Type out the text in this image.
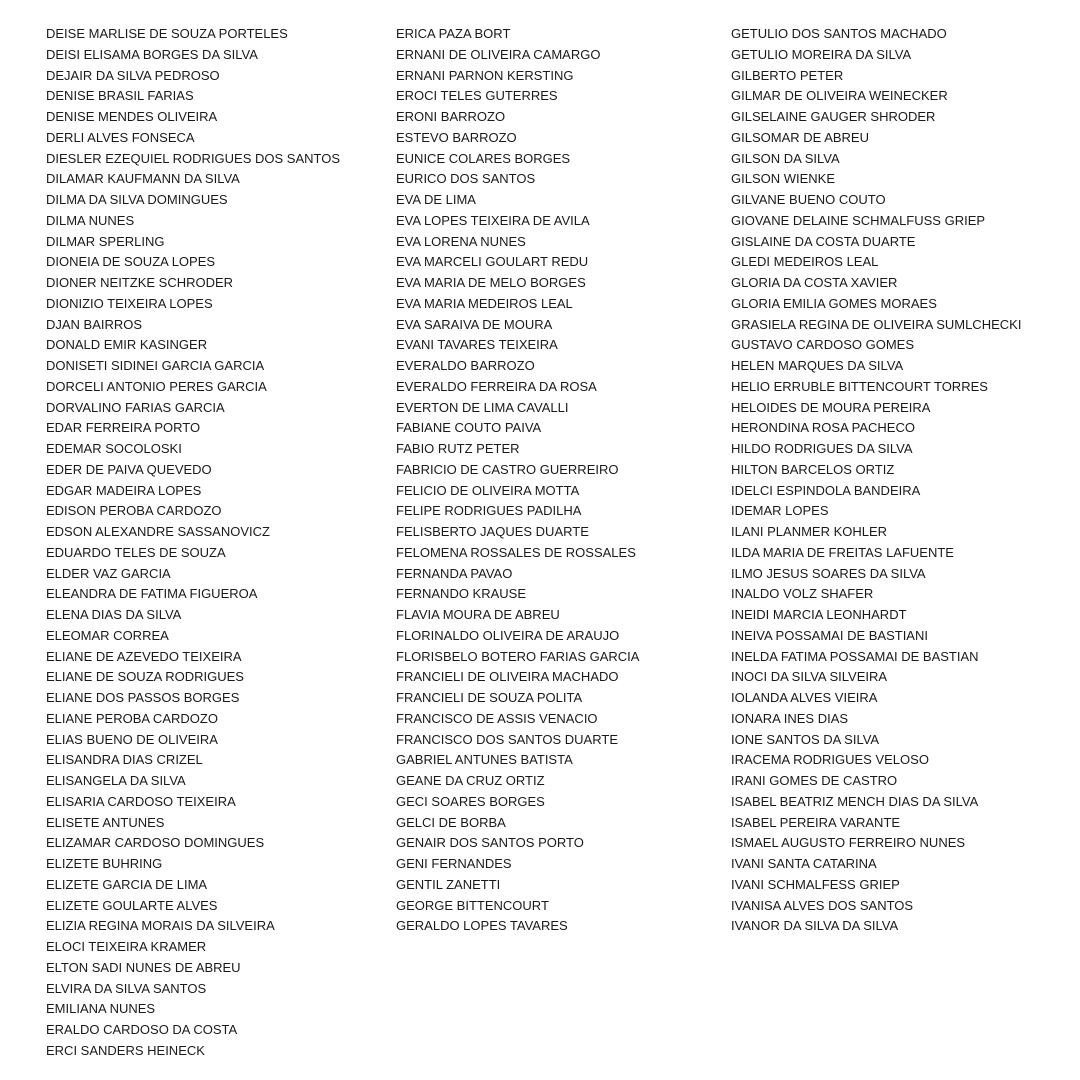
DEISE MARLISE DE SOUZA PORTELES
DEISI ELISAMA BORGES DA SILVA
DEJAIR DA SILVA PEDROSO
DENISE BRASIL FARIAS
DENISE MENDES OLIVEIRA
DERLI ALVES FONSECA
DIESLER EZEQUIEL RODRIGUES DOS SANTOS
DILAMAR KAUFMANN DA SILVA
DILMA DA SILVA DOMINGUES
DILMA NUNES
DILMAR SPERLING
DIONEIA DE SOUZA LOPES
DIONER NEITZKE SCHRODER
DIONIZIO TEIXEIRA LOPES
DJAN BAIRROS
DONALD EMIR KASINGER
DONISETI SIDINEI GARCIA GARCIA
DORCELI ANTONIO PERES GARCIA
DORVALINO FARIAS GARCIA
EDAR FERREIRA PORTO
EDEMAR SOCOLOSKI
EDER DE PAIVA QUEVEDO
EDGAR MADEIRA LOPES
EDISON PEROBA CARDOZO
EDSON ALEXANDRE SASSANOVICZ
EDUARDO TELES DE SOUZA
ELDER VAZ GARCIA
ELEANDRA DE FATIMA FIGUEROA
ELENA DIAS DA SILVA
ELEOMAR CORREA
ELIANE DE AZEVEDO TEIXEIRA
ELIANE DE SOUZA RODRIGUES
ELIANE DOS PASSOS BORGES
ELIANE PEROBA CARDOZO
ELIAS BUENO DE OLIVEIRA
ELISANDRA DIAS CRIZEL
ELISANGELA DA SILVA
ELISARIA CARDOSO TEIXEIRA
ELISETE ANTUNES
ELIZAMAR CARDOSO DOMINGUES
ELIZETE BUHRING
ELIZETE GARCIA DE LIMA
ELIZETE GOULARTE ALVES
ELIZIA REGINA MORAIS DA SILVEIRA
ELOCI TEIXEIRA KRAMER
ELTON SADI NUNES DE ABREU
ELVIRA DA SILVA SANTOS
EMILIANA NUNES
ERALDO CARDOSO DA COSTA
ERCI SANDERS HEINECK
ERICA PAZA BORT
ERNANI DE OLIVEIRA CAMARGO
ERNANI PARNON KERSTING
EROCI TELES GUTERRES
ERONI BARROZO
ESTEVO BARROZO
EUNICE COLARES BORGES
EURICO DOS SANTOS
EVA DE LIMA
EVA LOPES TEIXEIRA DE AVILA
EVA LORENA NUNES
EVA MARCELI GOULART REDU
EVA MARIA DE MELO BORGES
EVA MARIA MEDEIROS LEAL
EVA SARAIVA DE MOURA
EVANI TAVARES TEIXEIRA
EVERALDO BARROZO
EVERALDO FERREIRA DA ROSA
EVERTON DE LIMA CAVALLI
FABIANE COUTO PAIVA
FABIO RUTZ PETER
FABRICIO DE CASTRO GUERREIRO
FELICIO DE OLIVEIRA MOTTA
FELIPE RODRIGUES PADILHA
FELISBERTO JAQUES DUARTE
FELOMENA ROSSALES DE ROSSALES
FERNANDA PAVAO
FERNANDO KRAUSE
FLAVIA MOURA DE ABREU
FLORINALDO OLIVEIRA DE ARAUJO
FLORISBELO BOTERO FARIAS GARCIA
FRANCIELI DE OLIVEIRA MACHADO
FRANCIELI DE SOUZA POLITA
FRANCISCO DE ASSIS VENACIO
FRANCISCO DOS SANTOS DUARTE
GABRIEL ANTUNES BATISTA
GEANE DA CRUZ ORTIZ
GECI SOARES BORGES
GELCI DE BORBA
GENAIR DOS SANTOS PORTO
GENI FERNANDES
GENTIL ZANETTI
GEORGE BITTENCOURT
GERALDO LOPES TAVARES
GETULIO DOS SANTOS MACHADO
GETULIO MOREIRA DA SILVA
GILBERTO PETER
GILMAR DE OLIVEIRA WEINECKER
GILSELAINE GAUGER SHRODER
GILSOMAR DE ABREU
GILSON DA SILVA
GILSON WIENKE
GILVANE BUENO COUTO
GIOVANE DELAINE SCHMALFUSS GRIEP
GISLAINE DA COSTA DUARTE
GLEDI MEDEIROS LEAL
GLORIA DA COSTA XAVIER
GLORIA EMILIA GOMES MORAES
GRASIELA REGINA DE OLIVEIRA SUMLCHECKI
GUSTAVO CARDOSO GOMES
HELEN MARQUES DA SILVA
HELIO ERRUBLE BITTENCOURT TORRES
HELOIDES DE MOURA PEREIRA
HERONDINA ROSA PACHECO
HILDO RODRIGUES DA SILVA
HILTON BARCELOS ORTIZ
IDELCI ESPINDOLA BANDEIRA
IDEMAR LOPES
ILANI PLANMER KOHLER
ILDA MARIA DE FREITAS LAFUENTE
ILMO JESUS SOARES DA SILVA
INALDO VOLZ SHAFER
INEIDI MARCIA LEONHARDT
INEIVA POSSAMAI DE BASTIANI
INELDA FATIMA POSSAMAI DE BASTIAN
INOCI DA SILVA SILVEIRA
IOLANDA ALVES VIEIRA
IONARA INES DIAS
IONE SANTOS DA SILVA
IRACEMA RODRIGUES VELOSO
IRANI GOMES DE CASTRO
ISABEL BEATRIZ MENCH DIAS DA SILVA
ISABEL PEREIRA VARANTE
ISMAEL AUGUSTO FERREIRO NUNES
IVANI SANTA CATARINA
IVANI SCHMALFESS GRIEP
IVANISA ALVES DOS SANTOS
IVANOR DA SILVA DA SILVA
